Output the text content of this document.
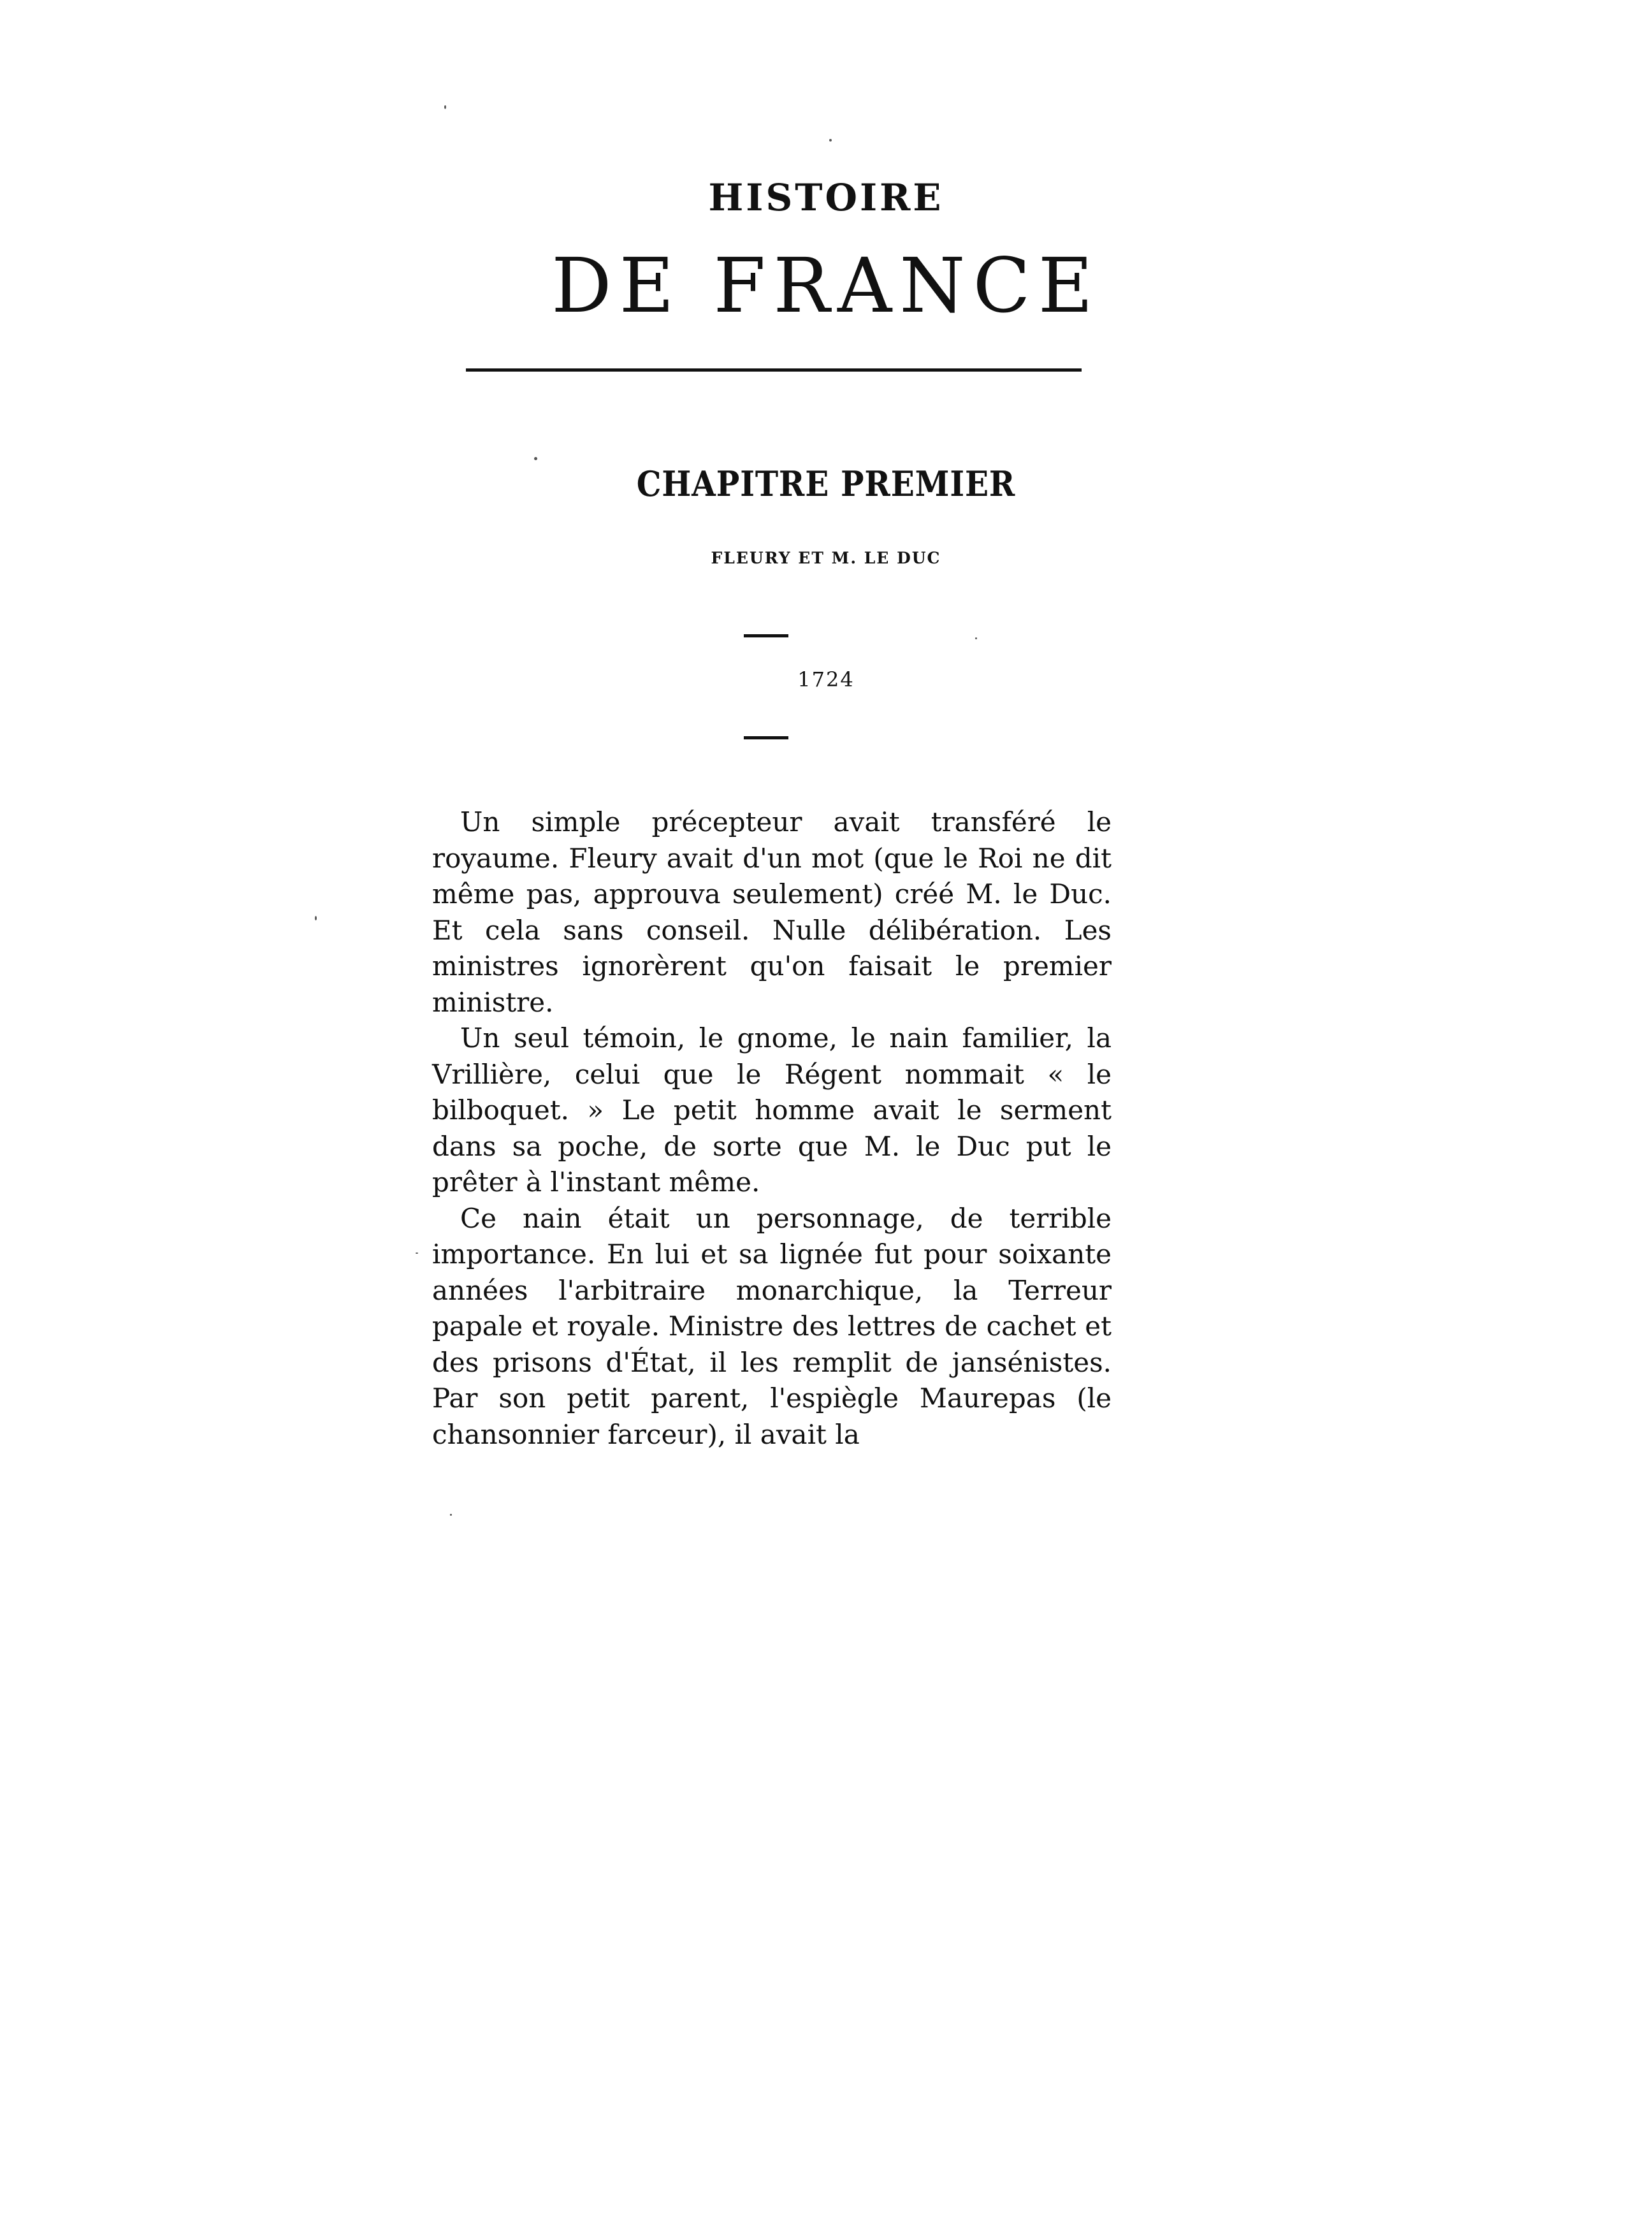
HISTOIRE
DE FRANCE
CHAPITRE PREMIER
FLEURY ET M. LE DUC
1724

Un simple précepteur avait transféré le royaume. Fleury avait d'un mot (que le Roi ne dit même pas, approuva seulement) créé M. le Duc. Et cela sans conseil. Nulle délibération. Les ministres ignorèrent qu'on faisait le premier ministre.

Un seul témoin, le gnome, le nain familier, la Vrillière, celui que le Régent nommait « le bilboquet. » Le petit homme avait le serment dans sa poche, de sorte que M. le Duc put le prêter à l'instant même.

Ce nain était un personnage, de terrible importance. En lui et sa lignée fut pour soixante années l'arbitraire monarchique, la Terreur papale et royale. Ministre des lettres de cachet et des prisons d'État, il les remplit de jansénistes. Par son petit parent, l'espiègle Maurepas (le chansonnier farceur), il avait la
